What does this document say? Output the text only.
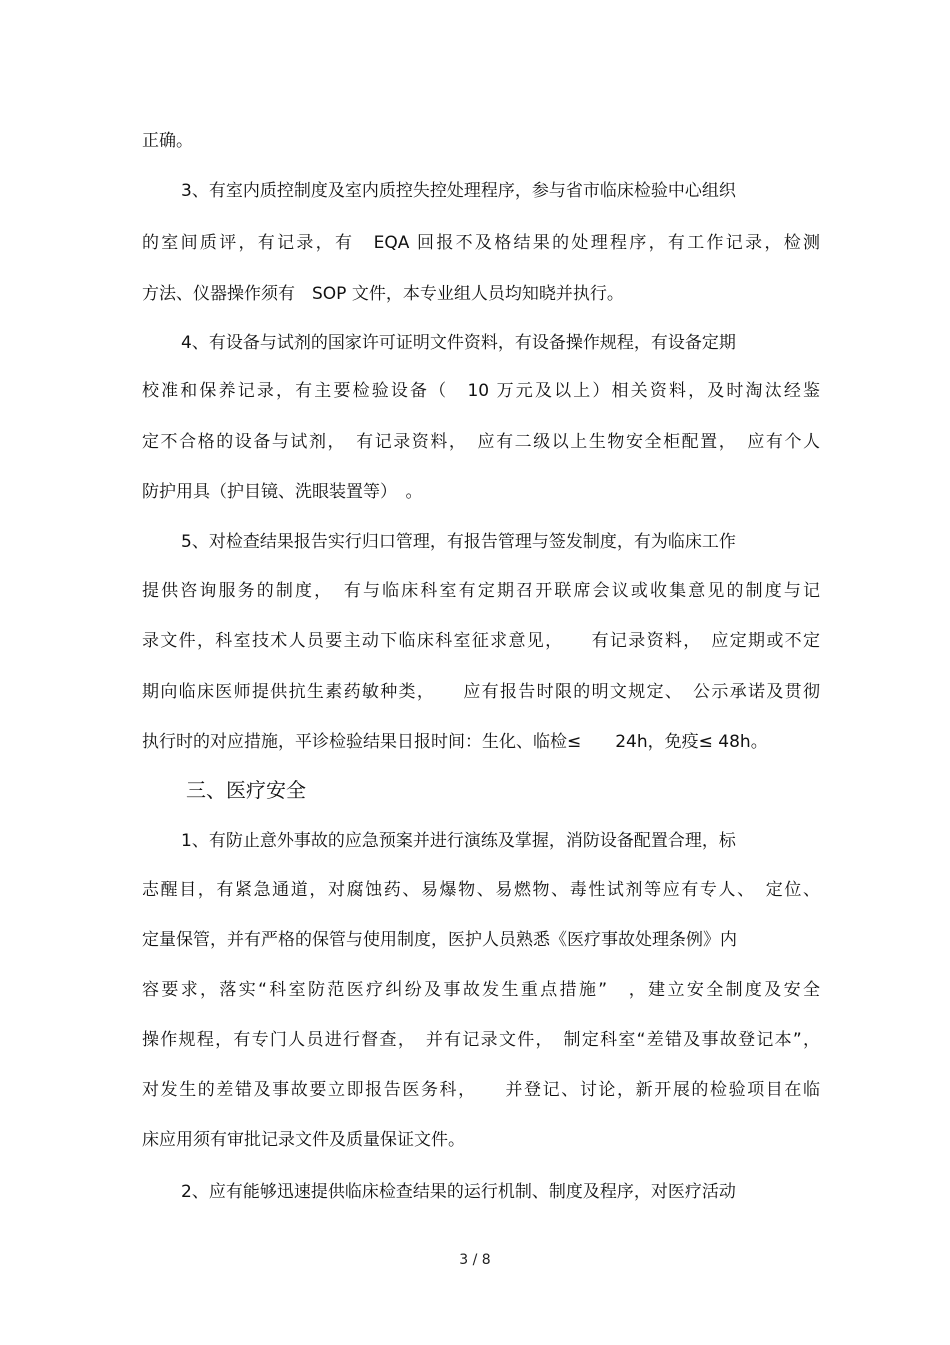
正确。
3、有室内质控制度及室内质控失控处理程序，参与省市临床检验中心组织
的室间质评，有记录，有　EQA 回报不及格结果的处理程序，有工作记录，检测
方法、仪器操作须有　SOP 文件，本专业组人员均知晓并执行。
4、有设备与试剂的国家许可证明文件资料，有设备操作规程，有设备定期
校准和保养记录，有主要检验设备（　10 万元及以上）相关资料，及时淘汰经鉴
定不合格的设备与试剂，　有记录资料，　应有二级以上生物安全柜配置，　应有个人
防护用具（护目镜、洗眼装置等）　。
5、对检查结果报告实行归口管理，有报告管理与签发制度，有为临床工作
提供咨询服务的制度，　有与临床科室有定期召开联席会议或收集意见的制度与记
录文件，科室技术人员要主动下临床科室征求意见，　　有记录资料，　应定期或不定
期向临床医师提供抗生素药敏种类，　　应有报告时限的明文规定、　公示承诺及贯彻
执行时的对应措施，平诊检验结果日报时间：生化、临检≤　　24h，免疫≤ 48h。
三、医疗安全
1、有防止意外事故的应急预案并进行演练及掌握，消防设备配置合理，标
志醒目，有紧急通道，对腐蚀药、易爆物、易燃物、毒性试剂等应有专人、　定位、
定量保管，并有严格的保管与使用制度，医护人员熟悉《医疗事故处理条例》内
容要求，落实“科室防范医疗纠纷及事故发生重点措施”　，建立安全制度及安全
操作规程，有专门人员进行督查，　并有记录文件，　制定科室“差错及事故登记本”，
对发生的差错及事故要立即报告医务科，　　并登记、讨论，新开展的检验项目在临
床应用须有审批记录文件及质量保证文件。
2、应有能够迅速提供临床检查结果的运行机制、制度及程序，对医疗活动
3 / 8
